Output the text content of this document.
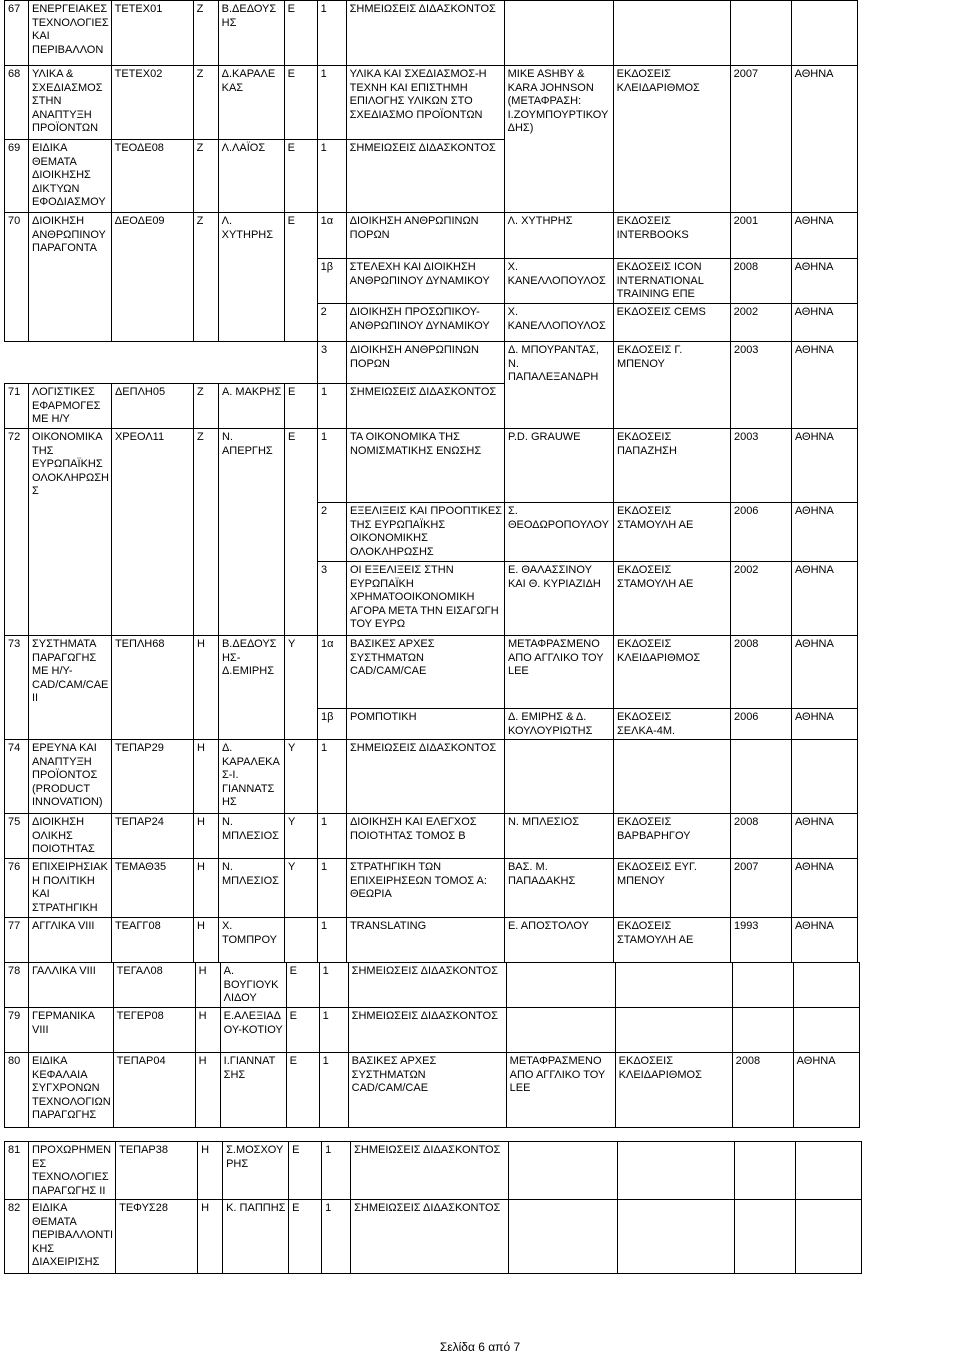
67	ΕΝΕΡΓΕΙΑΚΕΣ ΤΕΧΝΟΛΟΓΙΕΣ ΚΑΙ ΠΕΡΙΒΑΛΛΟΝ	ΤΕΤΕΧ01	Ζ	Β.ΔΕΔΟΥΣ ΗΣ	Ε	1	ΣΗΜΕΙΩΣΕΙΣ ΔΙΔΑΣΚΟΝΤΟΣ				
68	ΥΛΙΚΑ & ΣΧΕΔΙΑΣΜΟΣ ΣΤΗΝ ΑΝΑΠΤΥΞΗ ΠΡΟΪΟΝΤΩΝ	ΤΕΤΕΧ02	Ζ	Δ.ΚΑΡΑΛΕ ΚΑΣ	Ε	1	ΥΛΙΚΑ ΚΑΙ ΣΧΕΔΙΑΣΜΟΣ-Η ΤΕΧΝΗ ΚΑΙ ΕΠΙΣΤΗΜΗ ΕΠΙΛΟΓΗΣ ΥΛΙΚΩΝ ΣΤΟ ΣΧΕΔΙΑΣΜΟ ΠΡΟΪΟΝΤΩΝ	MIKE ASHBY & KARA JOHNSON (ΜΕΤΑΦΡΑΣΗ: Ι.ΖΟΥΜΠΟΥΡΤΙΚΟΥ ΔΗΣ)	ΕΚΔΟΣΕΙΣ ΚΛΕΙΔΑΡΙΘΜΟΣ	2007	ΑΘΗΝΑ
69	ΕΙΔΙΚΑ ΘΕΜΑΤΑ ΔΙΟΙΚΗΣΗΣ ΔΙΚΤΥΩΝ ΕΦΟΔΙΑΣΜΟΥ	ΤΕΟΔΕ08	Ζ	Λ.ΛΑΪΟΣ	Ε	1	ΣΗΜΕΙΩΣΕΙΣ ΔΙΔΑΣΚΟΝΤΟΣ				
70	ΔΙΟΙΚΗΣΗ ΑΝΘΡΩΠΙΝΟΥ ΠΑΡΑΓΟΝΤΑ	ΔΕΟΔΕ09	Ζ	Λ. ΧΥΤΗΡΗΣ	Ε	1α	ΔΙΟΙΚΗΣΗ ΑΝΘΡΩΠΙΝΩΝ ΠΟΡΩΝ	Λ. ΧΥΤΗΡΗΣ	ΕΚΔΟΣΕΙΣ INTERBOOKS	2001	ΑΘΗΝΑ
						1β	ΣΤΕΛΕΧΗ ΚΑΙ ΔΙΟΙΚΗΣΗ ΑΝΘΡΩΠΙΝΟΥ ΔΥΝΑΜΙΚΟΥ	Χ. ΚΑΝΕΛΛΟΠΟΥΛΟΣ	ΕΚΔΟΣΕΙΣ ICON INTERNATIONAL TRAINING ΕΠΕ	2008	ΑΘΗΝΑ
						2	ΔΙΟΙΚΗΣΗ ΠΡΟΣΩΠΙΚΟΥ-ΑΝΘΡΩΠΙΝΟΥ ΔΥΝΑΜΙΚΟΥ	Χ. ΚΑΝΕΛΛΟΠΟΥΛΟΣ	ΕΚΔΟΣΕΙΣ CEMS	2002	ΑΘΗΝΑ
						3	ΔΙΟΙΚΗΣΗ ΑΝΘΡΩΠΙΝΩΝ ΠΟΡΩΝ	Δ. ΜΠΟΥΡΑΝΤΑΣ, Ν. ΠΑΠΑΛΕΞΑΝΔΡΗ	ΕΚΔΟΣΕΙΣ Γ. ΜΠΕΝΟΥ	2003	ΑΘΗΝΑ
71	ΛΟΓΙΣΤΙΚΕΣ ΕΦΑΡΜΟΓΕΣ ΜΕ Η/Υ	ΔΕΠΛΗ05	Ζ	Α. ΜΑΚΡΗΣ	Ε	1	ΣΗΜΕΙΩΣΕΙΣ ΔΙΔΑΣΚΟΝΤΟΣ				
72	ΟΙΚΟΝΟΜΙΚΑ ΤΗΣ ΕΥΡΩΠΑΪΚΗΣ ΟΛΟΚΛΗΡΩΣΗ Σ	ΧΡΕΟΛ11	Ζ	Ν. ΑΠΕΡΓΗΣ	Ε	1	ΤΑ ΟΙΚΟΝΟΜΙΚΑ ΤΗΣ ΝΟΜΙΣΜΑΤΙΚΗΣ ΕΝΩΣΗΣ	P.D. GRAUWE	ΕΚΔΟΣΕΙΣ ΠΑΠΑΖΗΣΗ	2003	ΑΘΗΝΑ
						2	ΕΞΕΛΙΞΕΙΣ ΚΑΙ ΠΡΟΟΠΤΙΚΕΣ ΤΗΣ ΕΥΡΩΠΑΪΚΗΣ ΟΙΚΟΝΟΜΙΚΗΣ ΟΛΟΚΛΗΡΩΣΗΣ	Σ. ΘΕΟΔΩΡΟΠΟΥΛΟΥ	ΕΚΔΟΣΕΙΣ ΣΤΑΜΟΥΛΗ ΑΕ	2006	ΑΘΗΝΑ
						3	ΟΙ ΕΞΕΛΙΞΕΙΣ ΣΤΗΝ ΕΥΡΩΠΑΪΚΗ ΧΡΗΜΑΤΟΟΙΚΟΝΟΜΙΚΗ ΑΓΟΡΑ ΜΕΤΑ ΤΗΝ ΕΙΣΑΓΩΓΗ ΤΟΥ ΕΥΡΩ	Ε. ΘΑΛΑΣΣΙΝΟΥ ΚΑΙ Θ. ΚΥΡΙΑΖΙΔΗ	ΕΚΔΟΣΕΙΣ ΣΤΑΜΟΥΛΗ ΑΕ	2002	ΑΘΗΝΑ
73	ΣΥΣΤΗΜΑΤΑ ΠΑΡΑΓΩΓΗΣ ΜΕ Η/Υ-CAD/CAM/CAE II	ΤΕΠΛΗ68	Η	Β.ΔΕΔΟΥΣ ΗΣ-Δ.ΕΜΙΡΗΣ	Υ	1α	ΒΑΣΙΚΕΣ ΑΡΧΕΣ ΣΥΣΤΗΜΑΤΩΝ CAD/CAM/CAE	ΜΕΤΑΦΡΑΣΜΕΝΟ ΑΠΟ ΑΓΓΛΙΚΟ ΤΟΥ LEE	ΕΚΔΟΣΕΙΣ ΚΛΕΙΔΑΡΙΘΜΟΣ	2008	ΑΘΗΝΑ
						1β	ΡΟΜΠΟΤΙΚΗ	Δ. ΕΜΙΡΗΣ & Δ. ΚΟΥΛΟΥΡΙΩΤΗΣ	ΕΚΔΟΣΕΙΣ ΣΕΛΚΑ-4Μ.	2006	ΑΘΗΝΑ
74	ΕΡΕΥΝΑ ΚΑΙ ΑΝΑΠΤΥΞΗ ΠΡΟΪΟΝΤΟΣ (PRODUCT INNOVATION)	ΤΕΠΑΡ29	Η	Δ. ΚΑΡΑΛΕΚΑ Σ-Ι. ΓΙΑΝΝΑΤΣ ΗΣ	Υ	1	ΣΗΜΕΙΩΣΕΙΣ ΔΙΔΑΣΚΟΝΤΟΣ				
75	ΔΙΟΙΚΗΣΗ ΟΛΙΚΗΣ ΠΟΙΟΤΗΤΑΣ	ΤΕΠΑΡ24	Η	Ν. ΜΠΛΕΣΙΟΣ	Υ	1	ΔΙΟΙΚΗΣΗ ΚΑΙ ΕΛΕΓΧΟΣ ΠΟΙΟΤΗΤΑΣ ΤΟΜΟΣ Β	Ν. ΜΠΛΕΣΙΟΣ	ΕΚΔΟΣΕΙΣ ΒΑΡΒΑΡΗΓΟΥ	2008	ΑΘΗΝΑ
76	ΕΠΙΧΕΙΡΗΣΙΑΚ Η ΠΟΛΙΤΙΚΗ ΚΑΙ ΣΤΡΑΤΗΓΙΚΗ	ΤΕΜΑΘ35	Η	Ν. ΜΠΛΕΣΙΟΣ	Υ	1	ΣΤΡΑΤΗΓΙΚΗ ΤΩΝ ΕΠΙΧΕΙΡΗΣΕΩΝ ΤΟΜΟΣ Α: ΘΕΩΡΙΑ	ΒΑΣ. Μ. ΠΑΠΑΔΑΚΗΣ	ΕΚΔΟΣΕΙΣ ΕΥΓ. ΜΠΕΝΟΥ	2007	ΑΘΗΝΑ
77	ΑΓΓΛΙΚΑ VIII	ΤΕΑΓΓ08	Η	Χ. ΤΟΜΠΡΟΥ		1	TRANSLATING	Ε. ΑΠΟΣΤΟΛΟΥ	ΕΚΔΟΣΕΙΣ ΣΤΑΜΟΥΛΗ ΑΕ	1993	ΑΘΗΝΑ
78	ΓΑΛΛΙΚΑ VIII	ΤΕΓΑΛ08	Η	Α. ΒΟΥΓΙΟΥΚ ΛΙΔΟΥ	Ε	1	ΣΗΜΕΙΩΣΕΙΣ ΔΙΔΑΣΚΟΝΤΟΣ				
79	ΓΕΡΜΑΝΙΚΑ VIII	ΤΕΓΕΡ08	Η	Ε.ΑΛΕΞΙΑΔ ΟΥ-ΚΟΤΙΟΥ	Ε	1	ΣΗΜΕΙΩΣΕΙΣ ΔΙΔΑΣΚΟΝΤΟΣ				
80	ΕΙΔΙΚΑ ΚΕΦΑΛΑΙΑ ΣΥΓΧΡΟΝΩΝ ΤΕΧΝΟΛΟΓΙΩΝ ΠΑΡΑΓΩΓΗΣ	ΤΕΠΑΡ04	Η	Ι.ΓΙΑΝΝΑΤ ΣΗΣ	Ε	1	ΒΑΣΙΚΕΣ ΑΡΧΕΣ ΣΥΣΤΗΜΑΤΩΝ CAD/CAM/CAE	ΜΕΤΑΦΡΑΣΜΕΝΟ ΑΠΟ ΑΓΓΛΙΚΟ ΤΟΥ LEE	ΕΚΔΟΣΕΙΣ ΚΛΕΙΔΑΡΙΘΜΟΣ	2008	ΑΘΗΝΑ
81	ΠΡΟΧΩΡΗΜΕΝ ΕΣ ΤΕΧΝΟΛΟΓΙΕΣ ΠΑΡΑΓΩΓΗΣ II	ΤΕΠΑΡ38	Η	Σ.ΜΟΣΧΟΥ ΡΗΣ	Ε	1	ΣΗΜΕΙΩΣΕΙΣ ΔΙΔΑΣΚΟΝΤΟΣ				
82	ΕΙΔΙΚΑ ΘΕΜΑΤΑ ΠΕΡΙΒΑΛΛΟΝΤΙ ΚΗΣ ΔΙΑΧΕΙΡΙΣΗΣ	ΤΕΦΥΣ28	Η	Κ. ΠΑΠΠΗΣ	Ε	1	ΣΗΜΕΙΩΣΕΙΣ ΔΙΔΑΣΚΟΝΤΟΣ				
Σελίδα 6 από 7
